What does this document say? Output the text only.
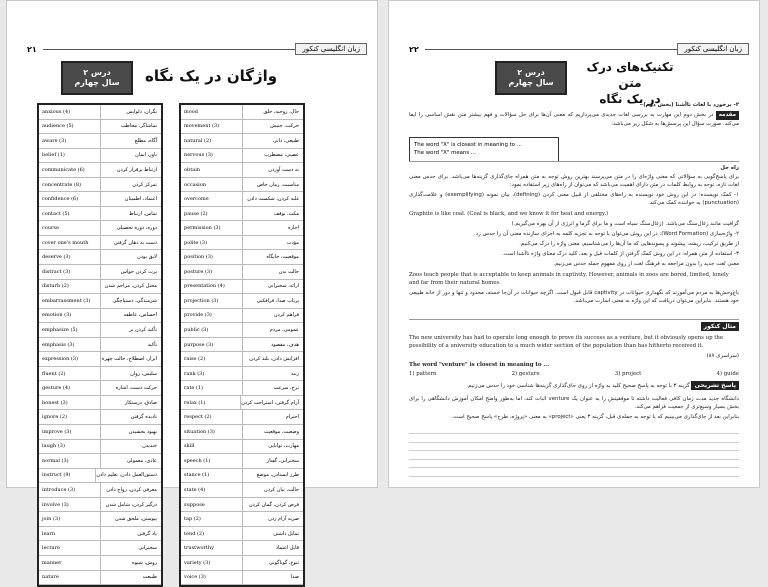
۲۱	زبان انگلیسی کنکور
درس ۲
سال چهارم واژگان در یک نگاه
anxious (4)	نگران، دلواپس
audience (5)	تماشاگر، مخاطب
aware (3)	آگاه، مطلع
belief (1)	باور، ایمان
communicate (6)	ارتباط برقرار کردن
concentrate (8)	تمرکز کردن
confidence (6)	اعتماد، اطمینان
contact (5)	تماس، ارتباط
course	دوره، دوره تحصیلی
cover one's mouth	دست به دهان گرفتن
deserve (3)	لایق بودن
distract (3)	پرت کردن حواس
disturb (2)	مختل کردن، مزاحم شدن
embarrassment (3)	شرمندگی، دستپاچگی
emotion (3)	احساس، عاطفه
emphasize (5)	تأکید کردن بر
emphasis (3)	تأکید
expression (3)	ابراز، اصطلاح، حالت چهره
fluent (2)	سلیس، روان
gesture (4)	حرکت دست، اشاره
honest (3)	صادق، درستکار
ignore (2)	نادیده گرفتن
improve (3)	بهبود بخشیدن
laugh (3)	خندیدن
normal (3)	عادی، معمولی
instruct (9)	دستورالعمل دادن، تعلیم دادن
introduce (3)	معرفی کردن، رواج دادن
involve (3)	درگیر کردن، شامل شدن
join (3)	پیوستن، ملحق شدن
learn	یاد گرفتن
lecture	سخنرانی
manner	روش، شیوه
nature	طبیعت
mood	حال، روحیه، خلق
movement (3)	حرکت، جنبش
natural (2)	طبیعی، ذاتی
nervous (3)	عصبی، مضطرب
obtain	به دست آوردن
occasion	مناسبت، زمان خاص
overcome	غلبه کردن، شکست دادن
pause (2)	مکث، توقف
permission (3)	اجازه
polite (3)	مؤدب
position (3)	موقعیت، جایگاه
posture (3)	حالت بدن
presentation (4)	ارائه، سخنرانی
projection (3)	پرتاب صدا، فرافکنی
provide (3)	فراهم کردن
public (3)	عمومی، مردم
purpose (3)	هدف، مقصود
raise (2)	افزایش دادن، بلند کردن
rank (3)	رتبه
rate (1)	نرخ، سرعت
relax (1)	آرام گرفتن، استراحت کردن
respect (2)	احترام
situation (3)	وضعیت، موقعیت
skill	مهارت، توانایی
speech (1)	سخنرانی، گفتار
stance (1)	طرز ایستادن، موضع
state (4)	حالت، بیان کردن
suppose	فرض کردن، گمان کردن
tap (2)	ضربه آرام زدن
tend (2)	تمایل داشتن
trustworthy	قابل اعتماد
variety (3)	تنوع، گوناگونی
voice (3)	صدا
۲۲	زبان انگلیسی کنکور
درس ۲
سال چهارم
تکنیک‌های درک متن
در یک نگاه
۲- برخورد با لغات ناآشنا (بخش دوم)
مقدمه در بخش دوم این مهارت به بررسی لغات جدیدی می‌پردازیم که معنی آن‌ها برای حل سؤالات و فهم بیشتر متن نقش اساسی را ایفا می‌کند. صورت سؤال این پرسش‌ها به شکل زیر می‌باشد:
The word "X" is closest in meaning to ...
The word "X" means ...
راه حل
برای پاسخ‌گویی به سؤالاتی که معنی واژه‌ای را در متن می‌پرسند بهترین روش توجه به متن همراه جای‌گذاری گزینه‌ها می‌باشد. برای حدس معنی لغات تازه، توجه به روابط کلمات در متن دارای اهمیت می‌باشد که می‌توان از راه‌های زیر استفاده نمود:
۱- کمک نویسنده: در این روش خود نویسنده به راه‌های مختلفی از قبیل معنی کردن (defining)، بیان نمونه (exemplifying) و علامت‌گذاری (punctuation) به خواننده کمک می‌کند.
Graphite is like coal. (Coal is black, and we know it for heat and energy.)
گرافیت مانند زغال‌سنگ می‌باشد. (زغال‌سنگ سیاه است و ما برای گرما و انرژی از آن بهره می‌گیریم.)
۲- واژه‌سازی (Word Formation): در این روش می‌توان با توجه به تجزیه کلمه به اجزای سازنده معنی آن را حدس زد.
از طریق ترکیب، ریشه، پیشوند و پسوندهایی که ما آن‌ها را می‌شناسیم، معنی واژه را درک می‌کنیم.
۳- استفاده از متن همراه: در این روش کمک گرفتن از کلمات قبل و بعد، کلید درک معنای واژه ناآشنا است.
معنی لغت جدید را بدون مراجعه به فرهنگ لغت از روی مفهوم جمله حدس می‌زنیم.
Zoos teach people that is acceptable to keep animals in captivity. However, animals in zoos are bored, limited, lonely and far from their natural homes.
باغ‌وحش‌ها به مردم می‌آموزند که نگهداری حیوانات در captivity قابل قبول است. اگرچه حیوانات در آن‌جا خسته، محدود و تنها و دور از خانه طبیعی خود هستند. بنابراین می‌توان دریافت که این واژه به معنی اسارت می‌باشد.
مثال کنکور
The new university has had to operate long enough to prove its success as a venture, but it obviously opens up the possibility of a university education to a much wider section of the population than has hitherto received it.
(سراسری ۸۷)
The word "venture" is closest in meaning to ...
1) pattern	2) gesture	3) project	4) guide
پاسخ تشریحی گزینه ۳ با توجه به پاسخ صحیح کلید به واژه از روی جای‌گذاری گزینه‌ها شناسی خود را حدس می‌زنیم.
دانشگاه جدید مدت زمان کافی فعالیت داشته تا موفقیتش را به عنوان یک venture اثبات کند، اما به‌طور واضح امکان آموزش دانشگاهی را برای بخش بسیار وسیع‌تری از جمعیت فراهم می‌کند.
بنابراین بعد از جای‌گذاری می‌بینیم که با توجه به جمله‌ی قبل، گزینه ۳ یعنی «project» به معنی «پروژه، طرح» پاسخ صحیح است.
